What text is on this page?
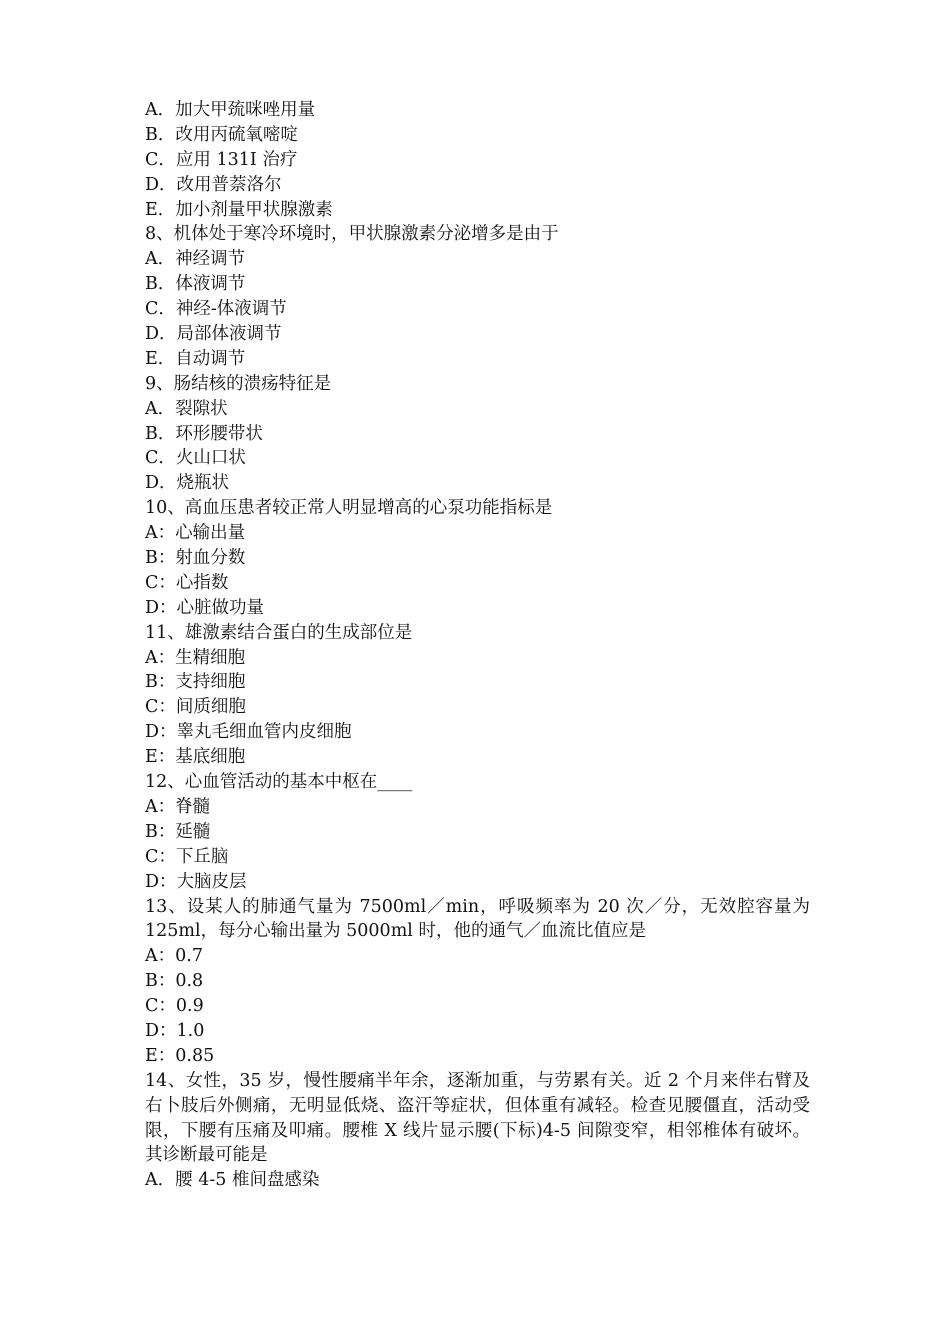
A．加大甲巯咪唑用量
B．改用丙硫氧嘧啶
C．应用 131I 治疗
D．改用普萘洛尔
E．加小剂量甲状腺激素
8、机体处于寒冷环境时，甲状腺激素分泌增多是由于
A．神经调节
B．体液调节
C．神经-体液调节
D．局部体液调节
E．自动调节
9、肠结核的溃疡特征是
A．裂隙状
B．环形腰带状
C．火山口状
D．烧瓶状
10、高血压患者较正常人明显增高的心泵功能指标是
A：心输出量
B：射血分数
C：心指数
D：心脏做功量
11、雄激素结合蛋白的生成部位是
A：生精细胞
B：支持细胞
C：间质细胞
D：睾丸毛细血管内皮细胞
E：基底细胞
12、心血管活动的基本中枢在____
A：脊髓
B：延髓
C：下丘脑
D：大脑皮层
13、设某人的肺通气量为 7500ml／min，呼吸频率为 20 次／分，无效腔容量为 125ml，每分心输出量为 5000ml 时，他的通气／血流比值应是
A：0.7
B：0.8
C：0.9
D：1.0
E：0.85
14、女性，35 岁，慢性腰痛半年余，逐渐加重，与劳累有关。近 2 个月来伴右臂及右卜肢后外侧痛，无明显低烧、盗汗等症状，但体重有减轻。检查见腰僵直，活动受限，下腰有压痛及叩痛。腰椎 X 线片显示腰(下标)4-5 间隙变窄，相邻椎体有破坏。其诊断最可能是
A．腰 4-5 椎间盘感染
